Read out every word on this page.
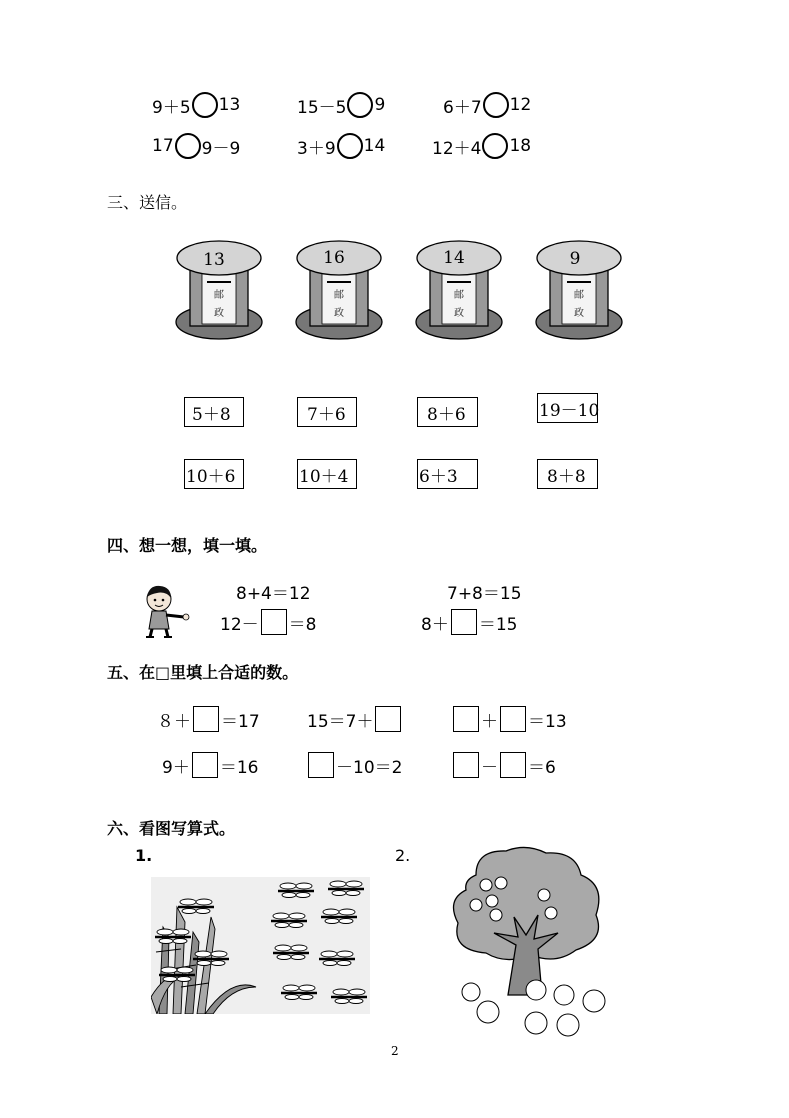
9＋5 13	15－5 9	6＋7 12
17 9－9	3＋9 14	12＋4 18
三、送信。
邮
政
13
邮
政
16
邮
政
14
邮
政
9
5＋8	7＋6	8＋6	19－10
10＋6	10＋4	6＋3	8＋8
四、想一想，填一填。
8+4＝12	7+8＝15
12－ ＝8	8＋ ＝15
五、在□里填上合适的数。
８＋ ＝17	15＝7＋	＋ ＝13
9＋ ＝16	－10＝2	－ ＝6
六、看图写算式。
1.	2.
2
